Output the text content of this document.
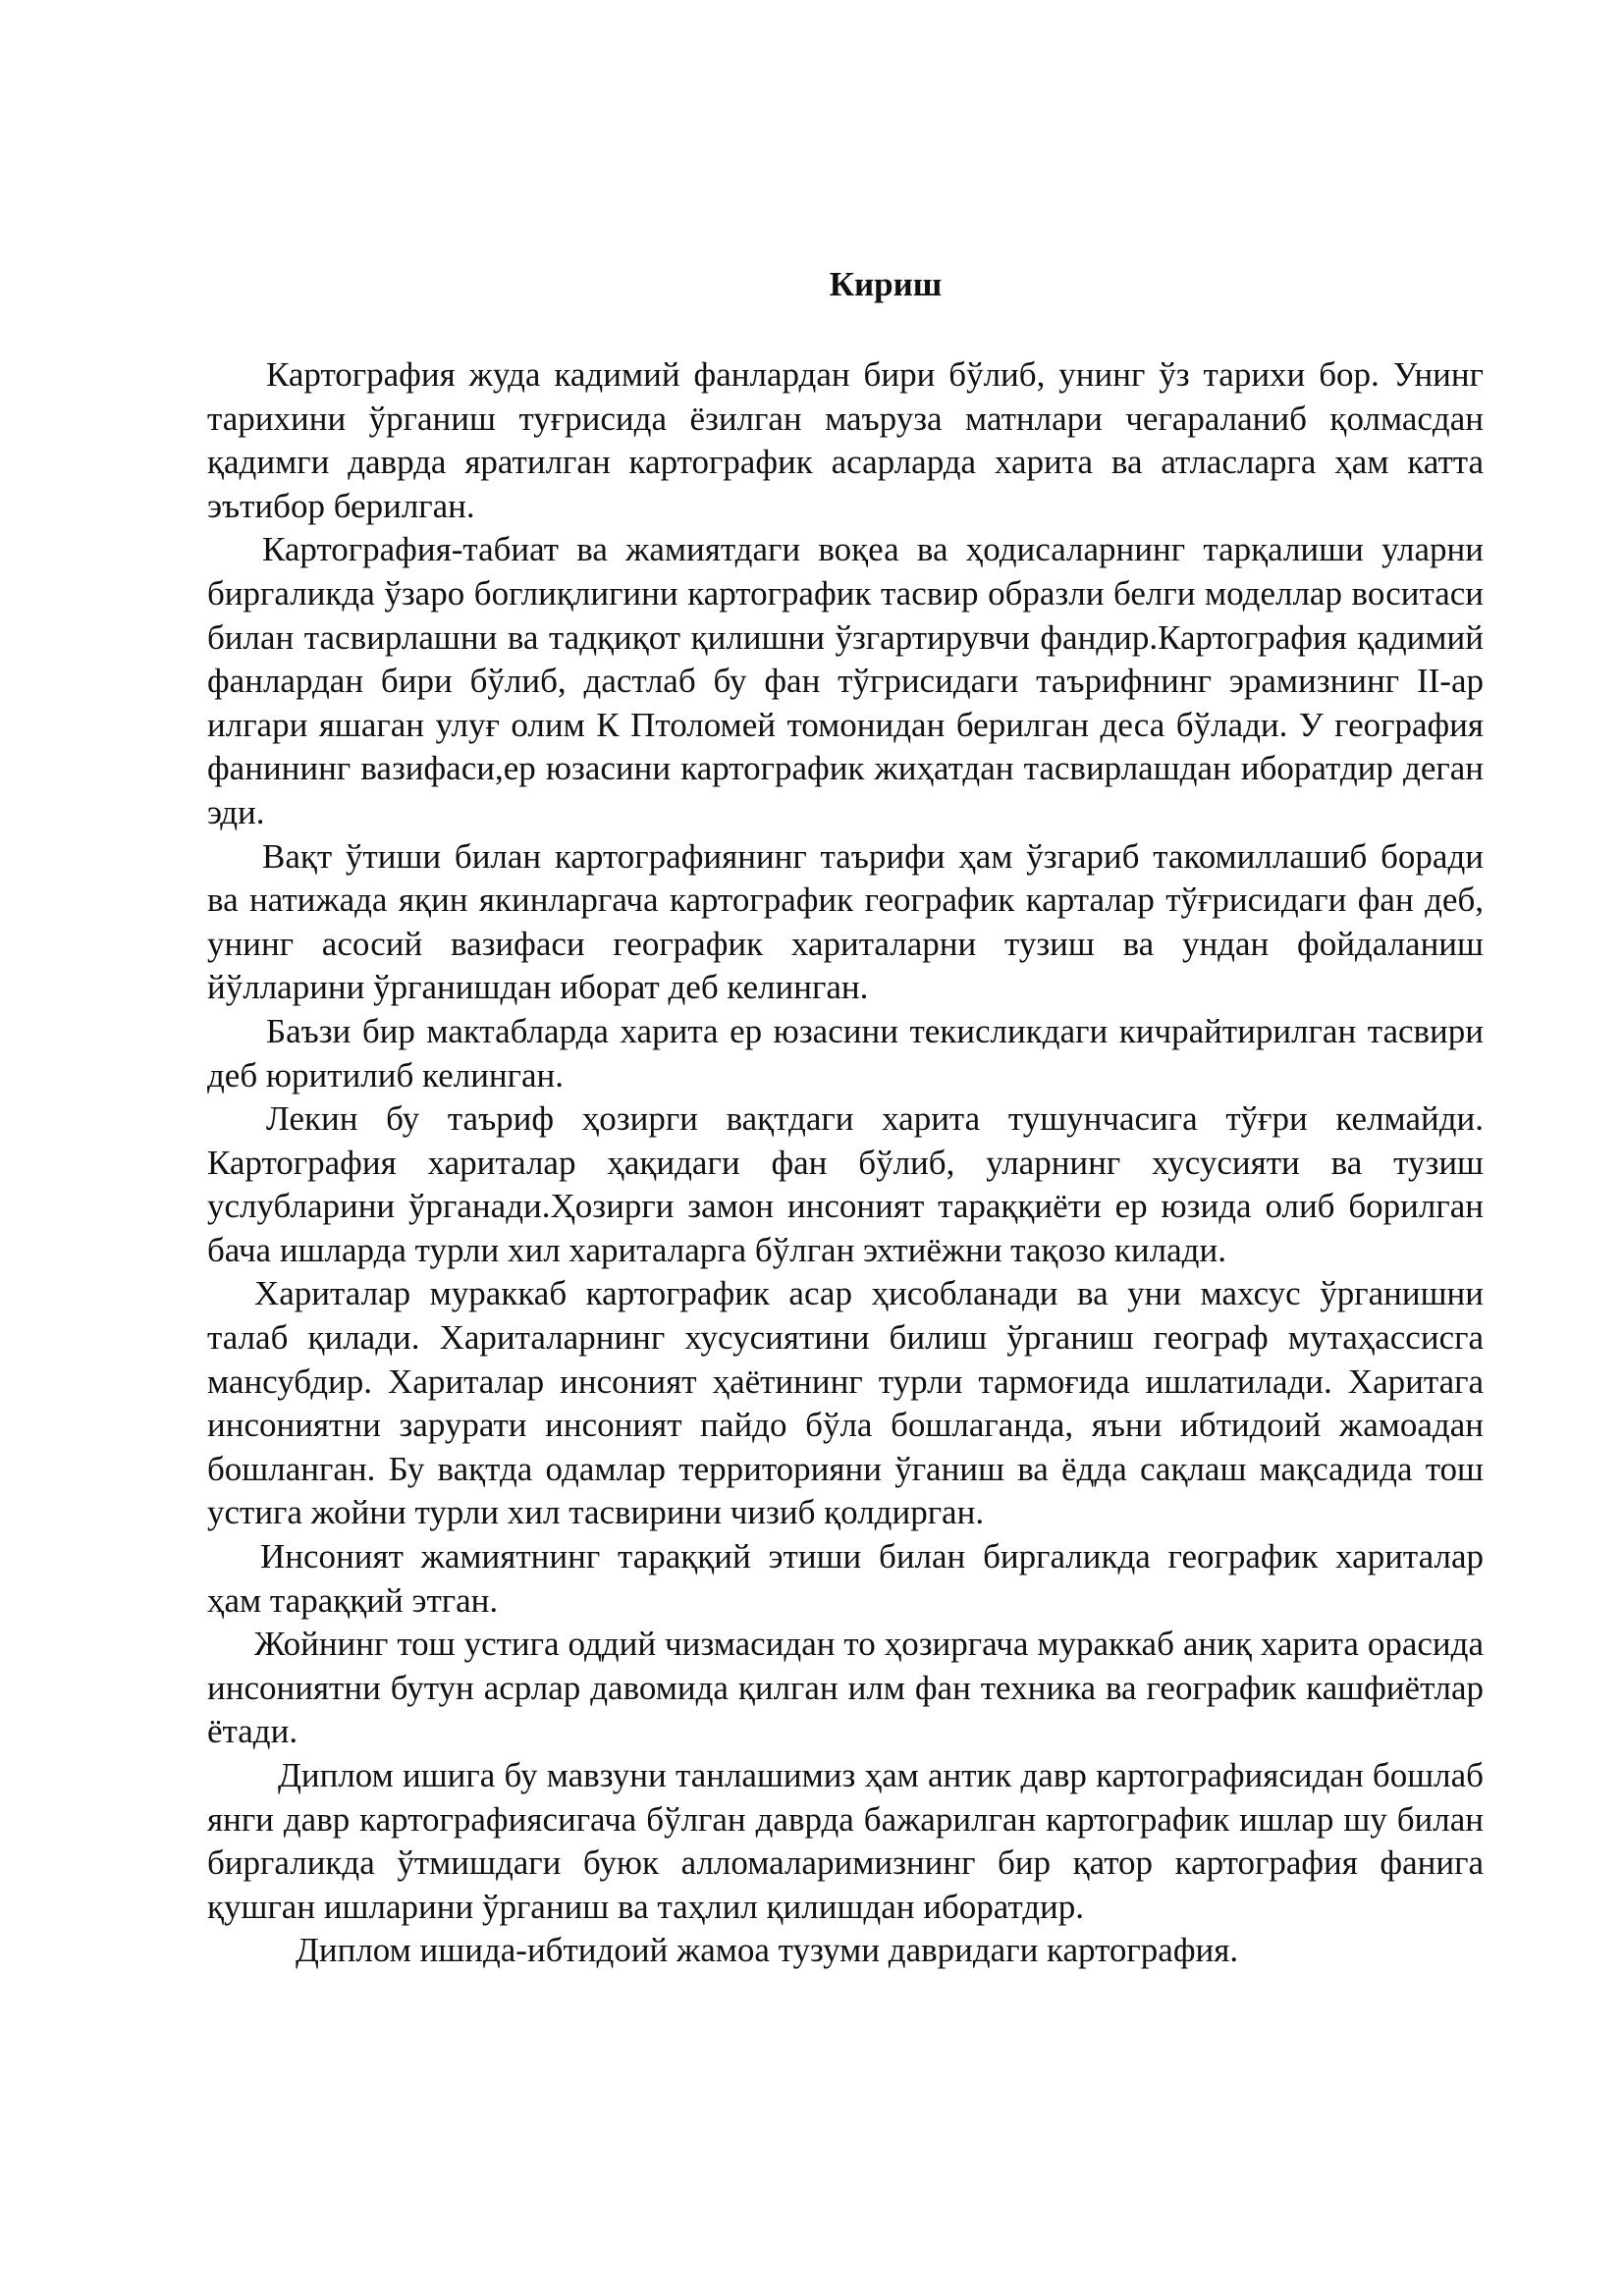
Кириш

Картография жуда кадимий фанлардан бири бўлиб, унинг ўз тарихи бор. Унинг тарихини ўрганиш туғрисида ёзилган маъруза матнлари чегараланиб қолмасдан қадимги даврда яратилган картографик асарларда харита ва атласларга ҳам катта эътибор берилган.

Картография-табиат ва жамиятдаги воқеа ва ҳодисаларнинг тарқалиши уларни биргаликда ўзаро боглиқлигини картографик тасвир образли белги моделлар воситаси билан тасвирлашни ва тадқиқот қилишни ўзгартирувчи фандир.Картография қадимий фанлардан бири бўлиб, дастлаб бу фан тўгрисидаги таърифнинг эрамизнинг II-ар илгари яшаган улуғ олим К Птоломей томонидан берилган деса бўлади. У география фанининг вазифаси,ер юзасини картографик жиҳатдан тасвирлашдан иборатдир деган эди.

Вақт ўтиши билан картографиянинг таърифи ҳам ўзгариб такомиллашиб боради ва натижада яқин якинларгача картографик географик карталар тўғрисидаги фан деб, унинг асосий вазифаси географик хариталарни тузиш ва ундан фойдаланиш йўлларини ўрганишдан иборат деб келинган.

Баъзи бир мактабларда харита ер юзасини текисликдаги кичрайтирилган тасвири деб юритилиб келинган.

Лекин бу таъриф ҳозирги вақтдаги харита тушунчасига тўғри келмайди. Картография хариталар ҳақидаги фан бўлиб, уларнинг хусусияти ва тузиш услубларини ўрганади.Ҳозирги замон инсоният тараққиёти ер юзида олиб борилган бача ишларда турли хил хариталарга бўлган эхтиёжни тақозо килади.

Хариталар мураккаб картографик асар ҳисобланади ва уни махсус ўрганишни талаб қилади. Хариталарнинг хусусиятини билиш ўрганиш географ мутаҳассисга мансубдир. Хариталар инсоният ҳаётининг турли тармоғида ишлатилади. Харитага инсониятни зарурати инсоният пайдо бўла бошлаганда, яъни ибтидоий жамоадан бошланган. Бу вақтда одамлар территорияни ўганиш ва ёдда сақлаш мақсадида тош устига жойни турли хил тасвирини чизиб қолдирган.

Инсоният жамиятнинг тараққий этиши билан биргаликда географик хариталар ҳам тараққий этган.

Жойнинг тош устига оддий чизмасидан то ҳозиргача мураккаб аниқ харита орасида инсониятни бутун асрлар давомида қилган илм фан техника ва географик кашфиётлар ётади.

Диплом ишига бу мавзуни танлашимиз ҳам антик давр картографиясидан бошлаб янги давр картографиясигача бўлган даврда бажарилган картографик ишлар шу билан биргаликда ўтмишдаги буюк алломаларимизнинг бир қатор картография фанига қушган ишларини ўрганиш ва таҳлил қилишдан иборатдир.

Диплом ишида-ибтидоий жамоа тузуми давридаги картография.
